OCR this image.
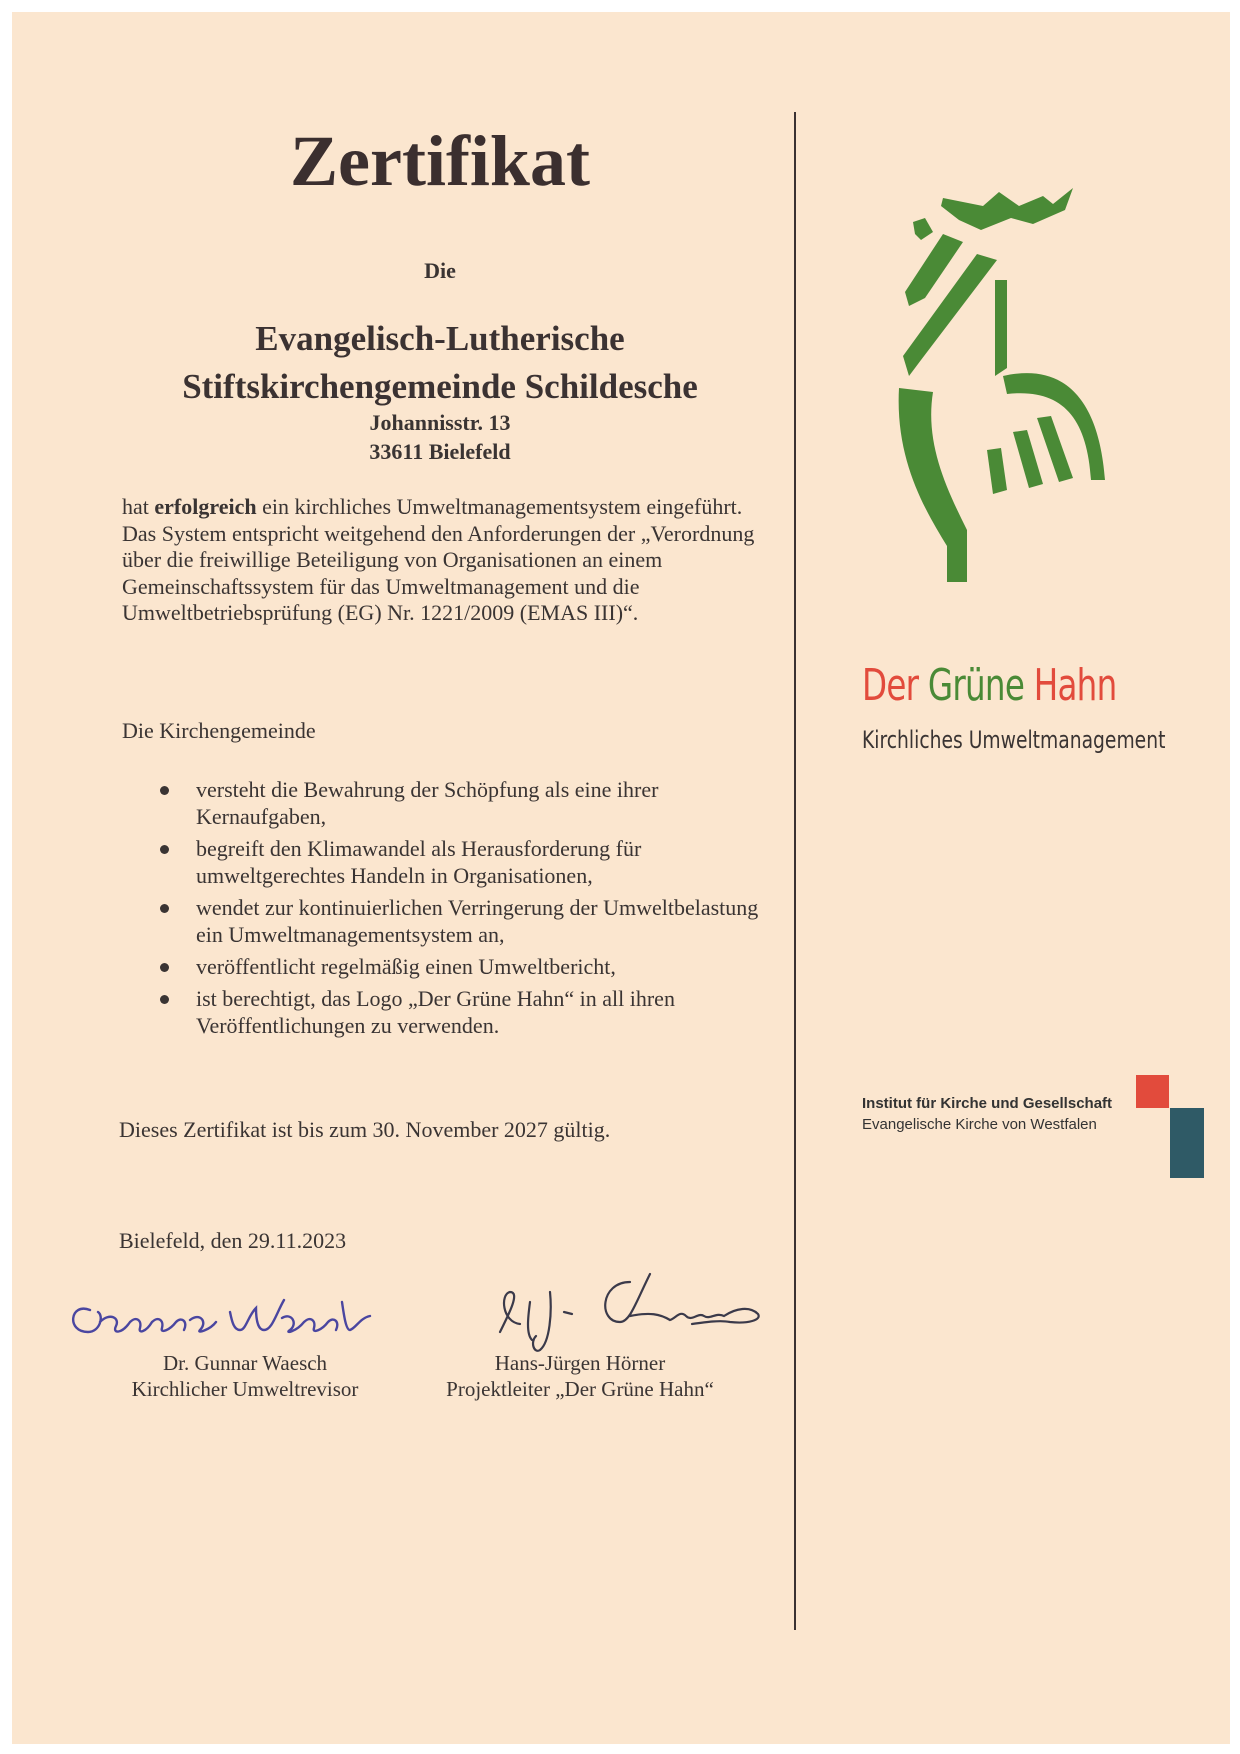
Zertifikat
Die
Evangelisch-Lutherische
Stiftskirchengemeinde Schildesche
Johannisstr. 13
33611 Bielefeld
hat erfolgreich ein kirchliches Umweltmanagementsystem eingeführt. Das System entspricht weitgehend den Anforderungen der „Verordnung über die freiwillige Beteiligung von Organisationen an einem Gemeinschaftssystem für das Umweltmanagement und die Umweltbetriebsprüfung (EG) Nr. 1221/2009 (EMAS III)“.
Die Kirchengemeinde
versteht die Bewahrung der Schöpfung als eine ihrer Kernaufgaben,
begreift den Klimawandel als Herausforderung für umweltgerechtes Handeln in Organisationen,
wendet zur kontinuierlichen Verringerung der Umweltbelastung ein Umweltmanagementsystem an,
veröffentlicht regelmäßig einen Umweltbericht,
ist berechtigt, das Logo „Der Grüne Hahn“ in all ihren Veröffentlichungen zu verwenden.
Dieses Zertifikat ist bis zum 30. November 2027 gültig.
Bielefeld, den 29.11.2023
Dr. Gunnar Waesch
Kirchlicher Umweltrevisor
Hans-Jürgen Hörner
Projektleiter „Der Grüne Hahn“
Der Grüne Hahn
Kirchliches Umweltmanagement
Institut für Kirche und Gesellschaft
Evangelische Kirche von Westfalen
